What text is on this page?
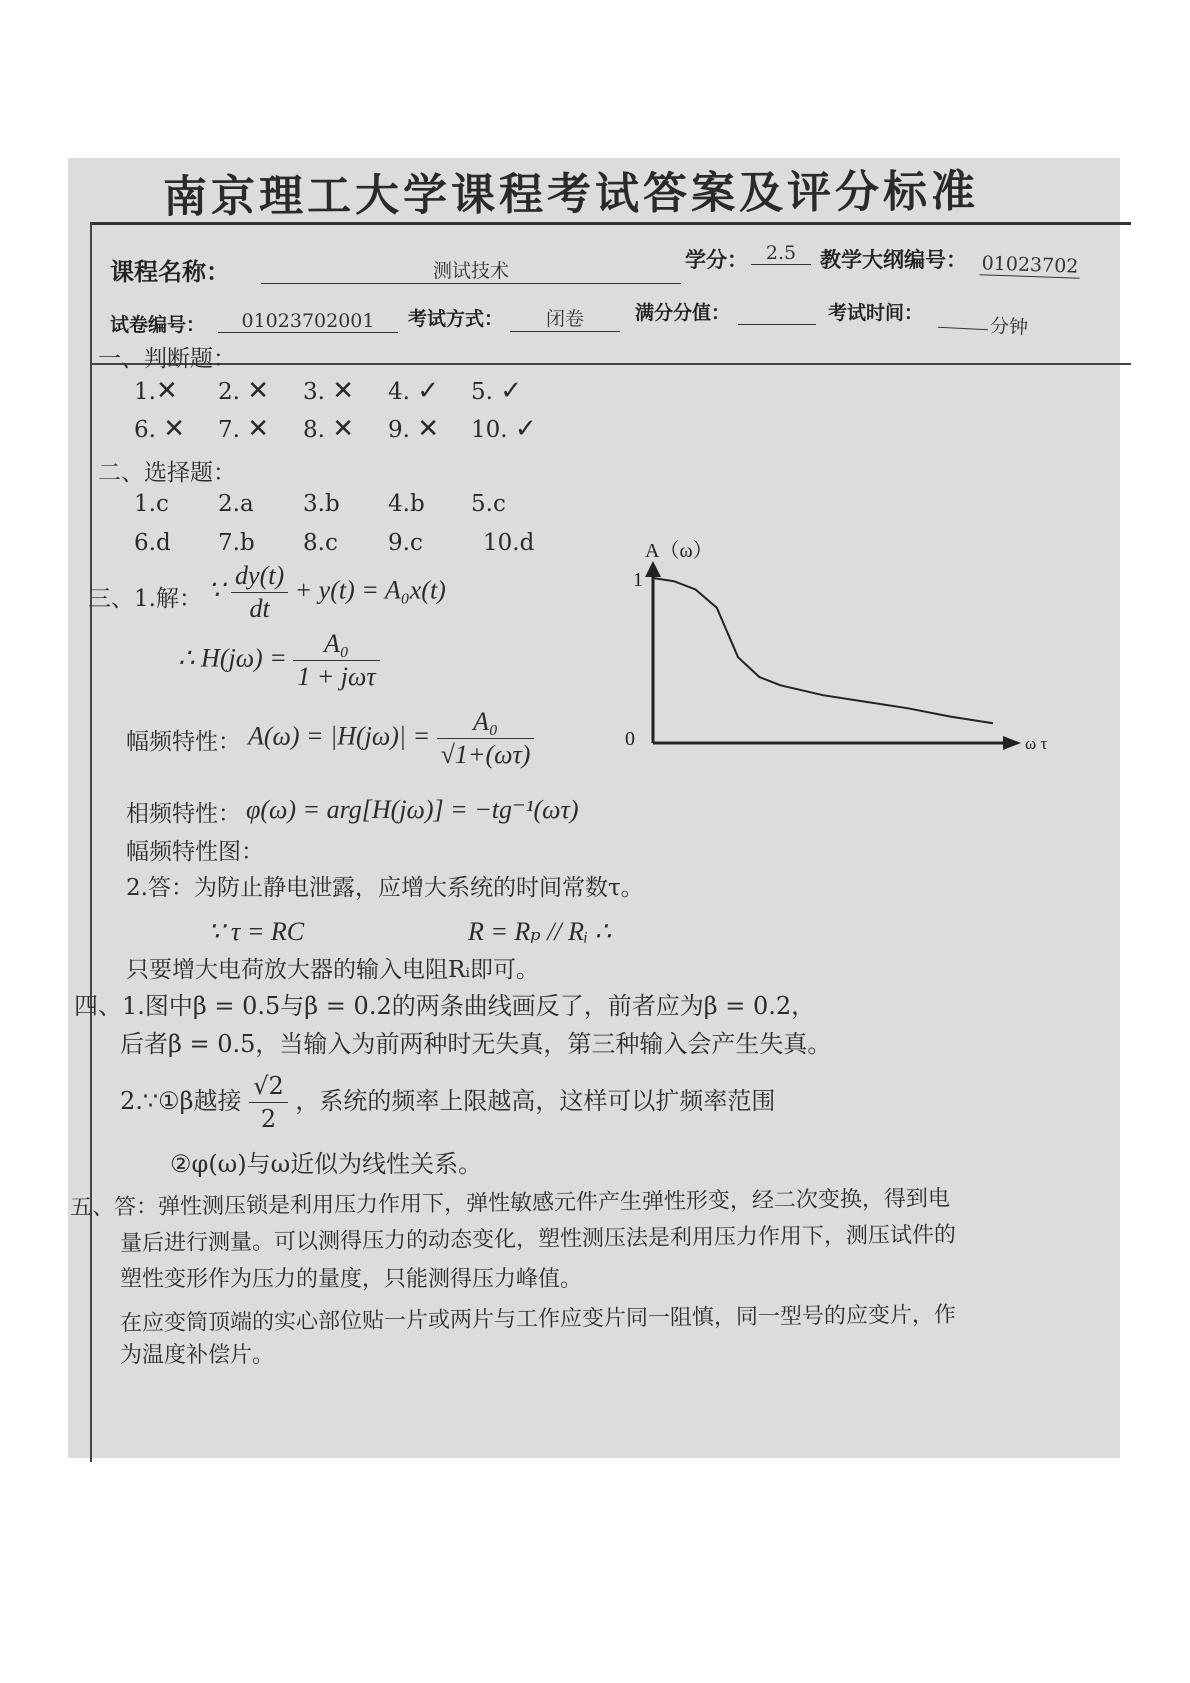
南京理工大学课程考试答案及评分标准
课程名称：	测试技术	学分： 2.5	教学大纲编号： 01023702
试卷编号：	01023702001	考试方式：	闭卷	满分分值：	考试时间：
分钟
一、判断题：
1.✕ 2. ✕ 3. ✕ 4. ✓ 5. ✓
6. ✕ 7. ✕ 8. ✕ 9. ✕ 10. ✓
二、选择题：
1.c 2.a 3.b 4.b 5.c
6.d 7.b 8.c 9.c	10.d
三、1.解： ∵ $\frac{dy(t)}{dt} + y(t) = A_0x(t)$
∴ $H(j\omega) = \frac{\text{A₀}}{\text{1 + jωτ}}$
幅频特性： $A(\omega) = |H(j\omega)| = \frac{\text{A₀}}{√1+(\omega\tau)}$
相频特性： φ(ω) = arg[H(jω)] = −tg⁻¹(ωτ)
幅频特性图：
2.答：为防止静电泄露，应增大系统的时间常数τ。
∵ τ = RC	R = Rₚ // Rᵢ ∴
只要增大电荷放大器的输入电阻Rᵢ即可。
A（ω）
ω τ
1
0
四、1.图中β = 0.5与β = 0.2的两条曲线画反了，前者应为β = 0.2，
后者β = 0.5，当输入为前两种时无失真，第三种输入会产生失真。
2.∵①β越接 $\frac{√2}{2}$ ，系统的频率上限越高，这样可以扩频率范围
②φ(ω)与ω近似为线性关系。
五、答：弹性测压锁是利用压力作用下，弹性敏感元件产生弹性形变，经二次变换，得到电
量后进行测量。可以测得压力的动态变化，塑性测压法是利用压力作用下，测压试件的
塑性变形作为压力的量度，只能测得压力峰值。
在应变筒顶端的实心部位贴一片或两片与工作应变片同一阻慎，同一型号的应变片，作
为温度补偿片。
